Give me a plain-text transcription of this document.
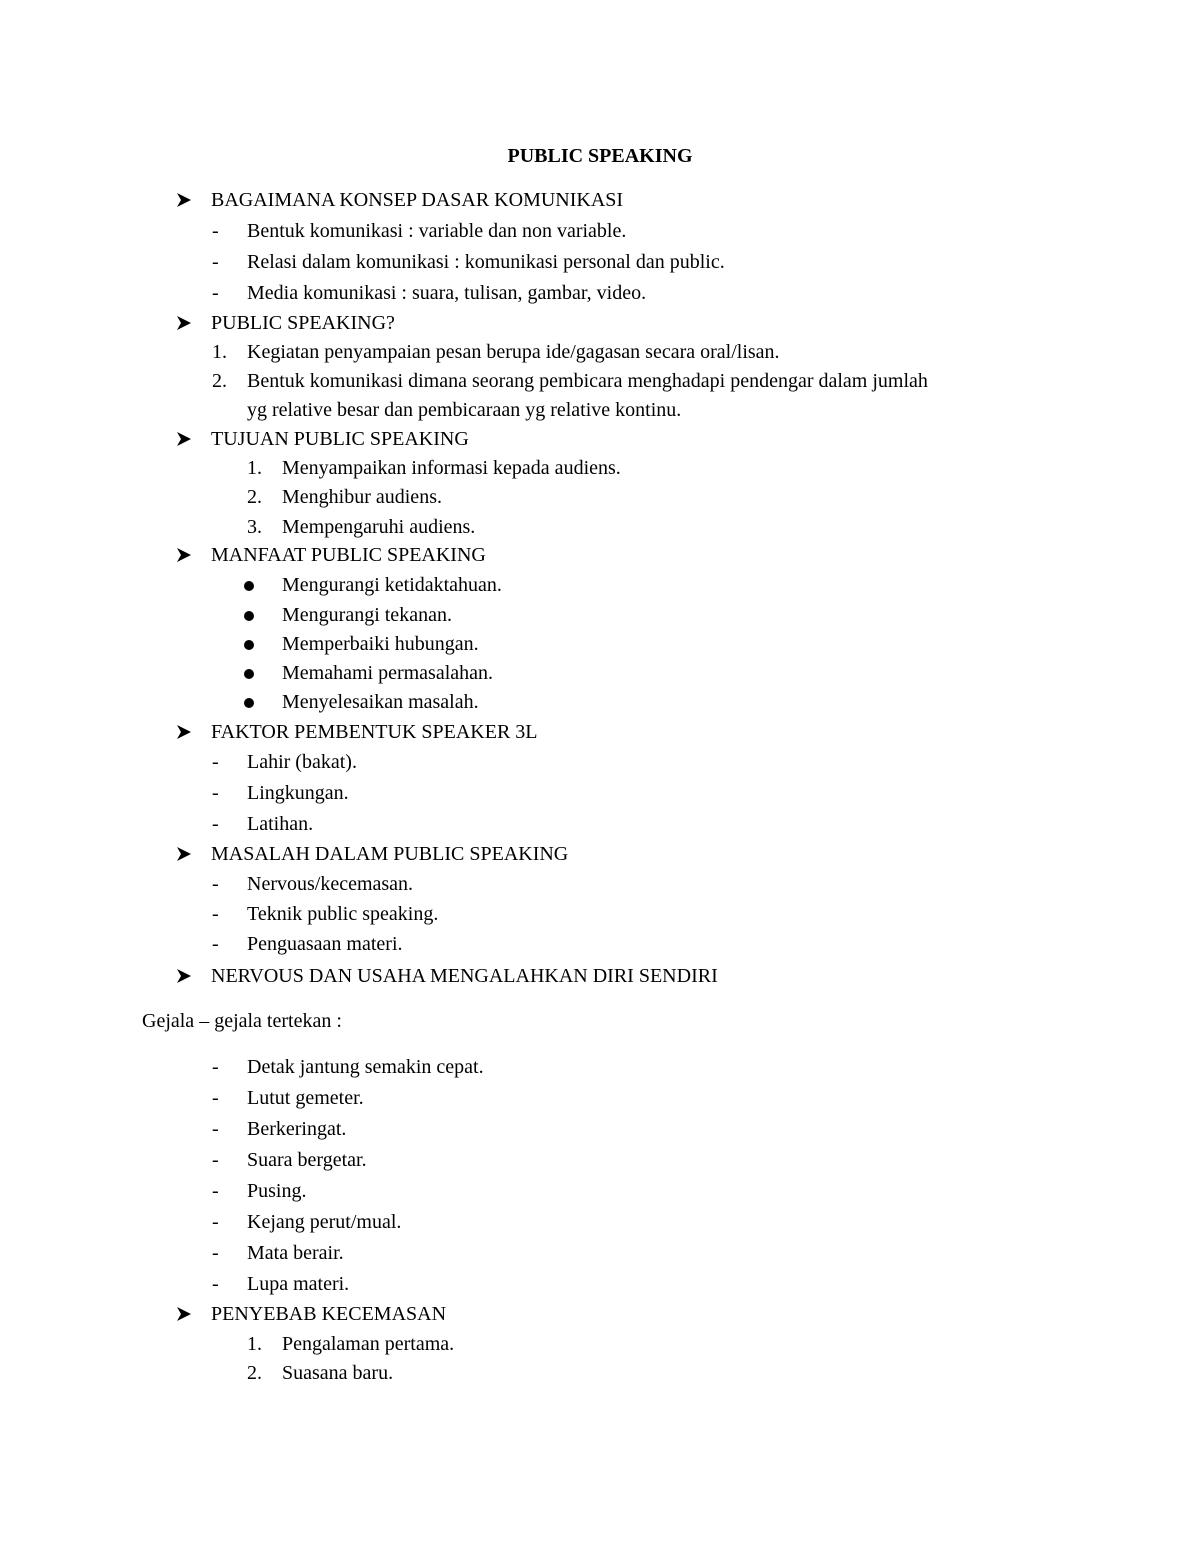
PUBLIC SPEAKING
BAGAIMANA KONSEP DASAR KOMUNIKASI
- Bentuk komunikasi : variable dan non variable.
- Relasi dalam komunikasi : komunikasi personal dan public.
- Media komunikasi : suara, tulisan, gambar, video.
PUBLIC SPEAKING?
1. Kegiatan penyampaian pesan berupa ide/gagasan secara oral/lisan.
2. Bentuk komunikasi dimana seorang pembicara menghadapi pendengar dalam jumlah
yg relative besar dan pembicaraan yg relative kontinu.
TUJUAN PUBLIC SPEAKING
1. Menyampaikan informasi kepada audiens.
2. Menghibur audiens.
3. Mempengaruhi audiens.
MANFAAT PUBLIC SPEAKING
Mengurangi ketidaktahuan.
Mengurangi tekanan.
Memperbaiki hubungan.
Memahami permasalahan.
Menyelesaikan masalah.
FAKTOR PEMBENTUK SPEAKER 3L
- Lahir (bakat).
- Lingkungan.
- Latihan.
MASALAH DALAM PUBLIC SPEAKING
- Nervous/kecemasan.
- Teknik public speaking.
- Penguasaan materi.
NERVOUS DAN USAHA MENGALAHKAN DIRI SENDIRI
Gejala – gejala tertekan :
- Detak jantung semakin cepat.
- Lutut gemeter.
- Berkeringat.
- Suara bergetar.
- Pusing.
- Kejang perut/mual.
- Mata berair.
- Lupa materi.
PENYEBAB KECEMASAN
1. Pengalaman pertama.
2. Suasana baru.
